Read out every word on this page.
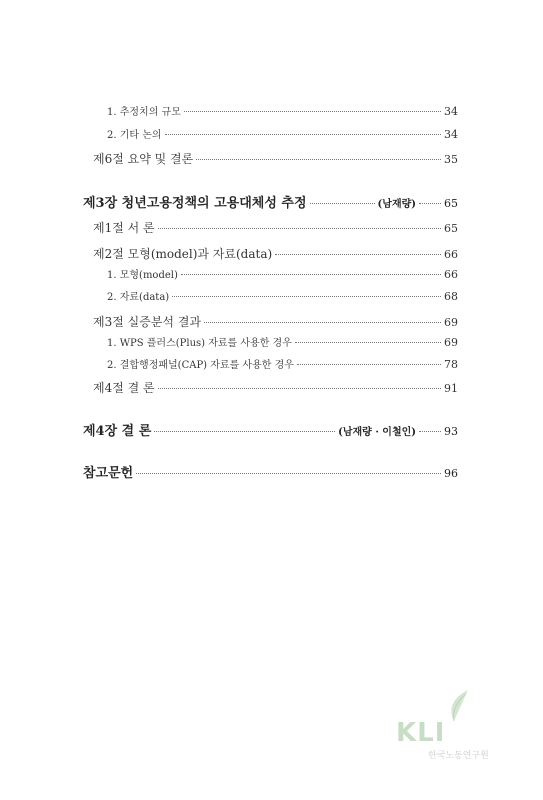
1. 추정치의 규모	34
2. 기타 논의	34
제6절 요약 및 결론	35
제3장 청년고용정책의 고용대체성 추정	(남재량)	65
제1절 서 론	65
제2절 모형(model)과 자료(data)	66
1. 모형(model)	66
2. 자료(data)	68
제3절 실증분석 결과	69
1. WPS 플러스(Plus) 자료를 사용한 경우	69
2. 결합행정패널(CAP) 자료를 사용한 경우	78
제4절 결 론	91
제4장 결 론	(남재량 · 이철인)	93
참고문헌	96
KLI
한국노동연구원
